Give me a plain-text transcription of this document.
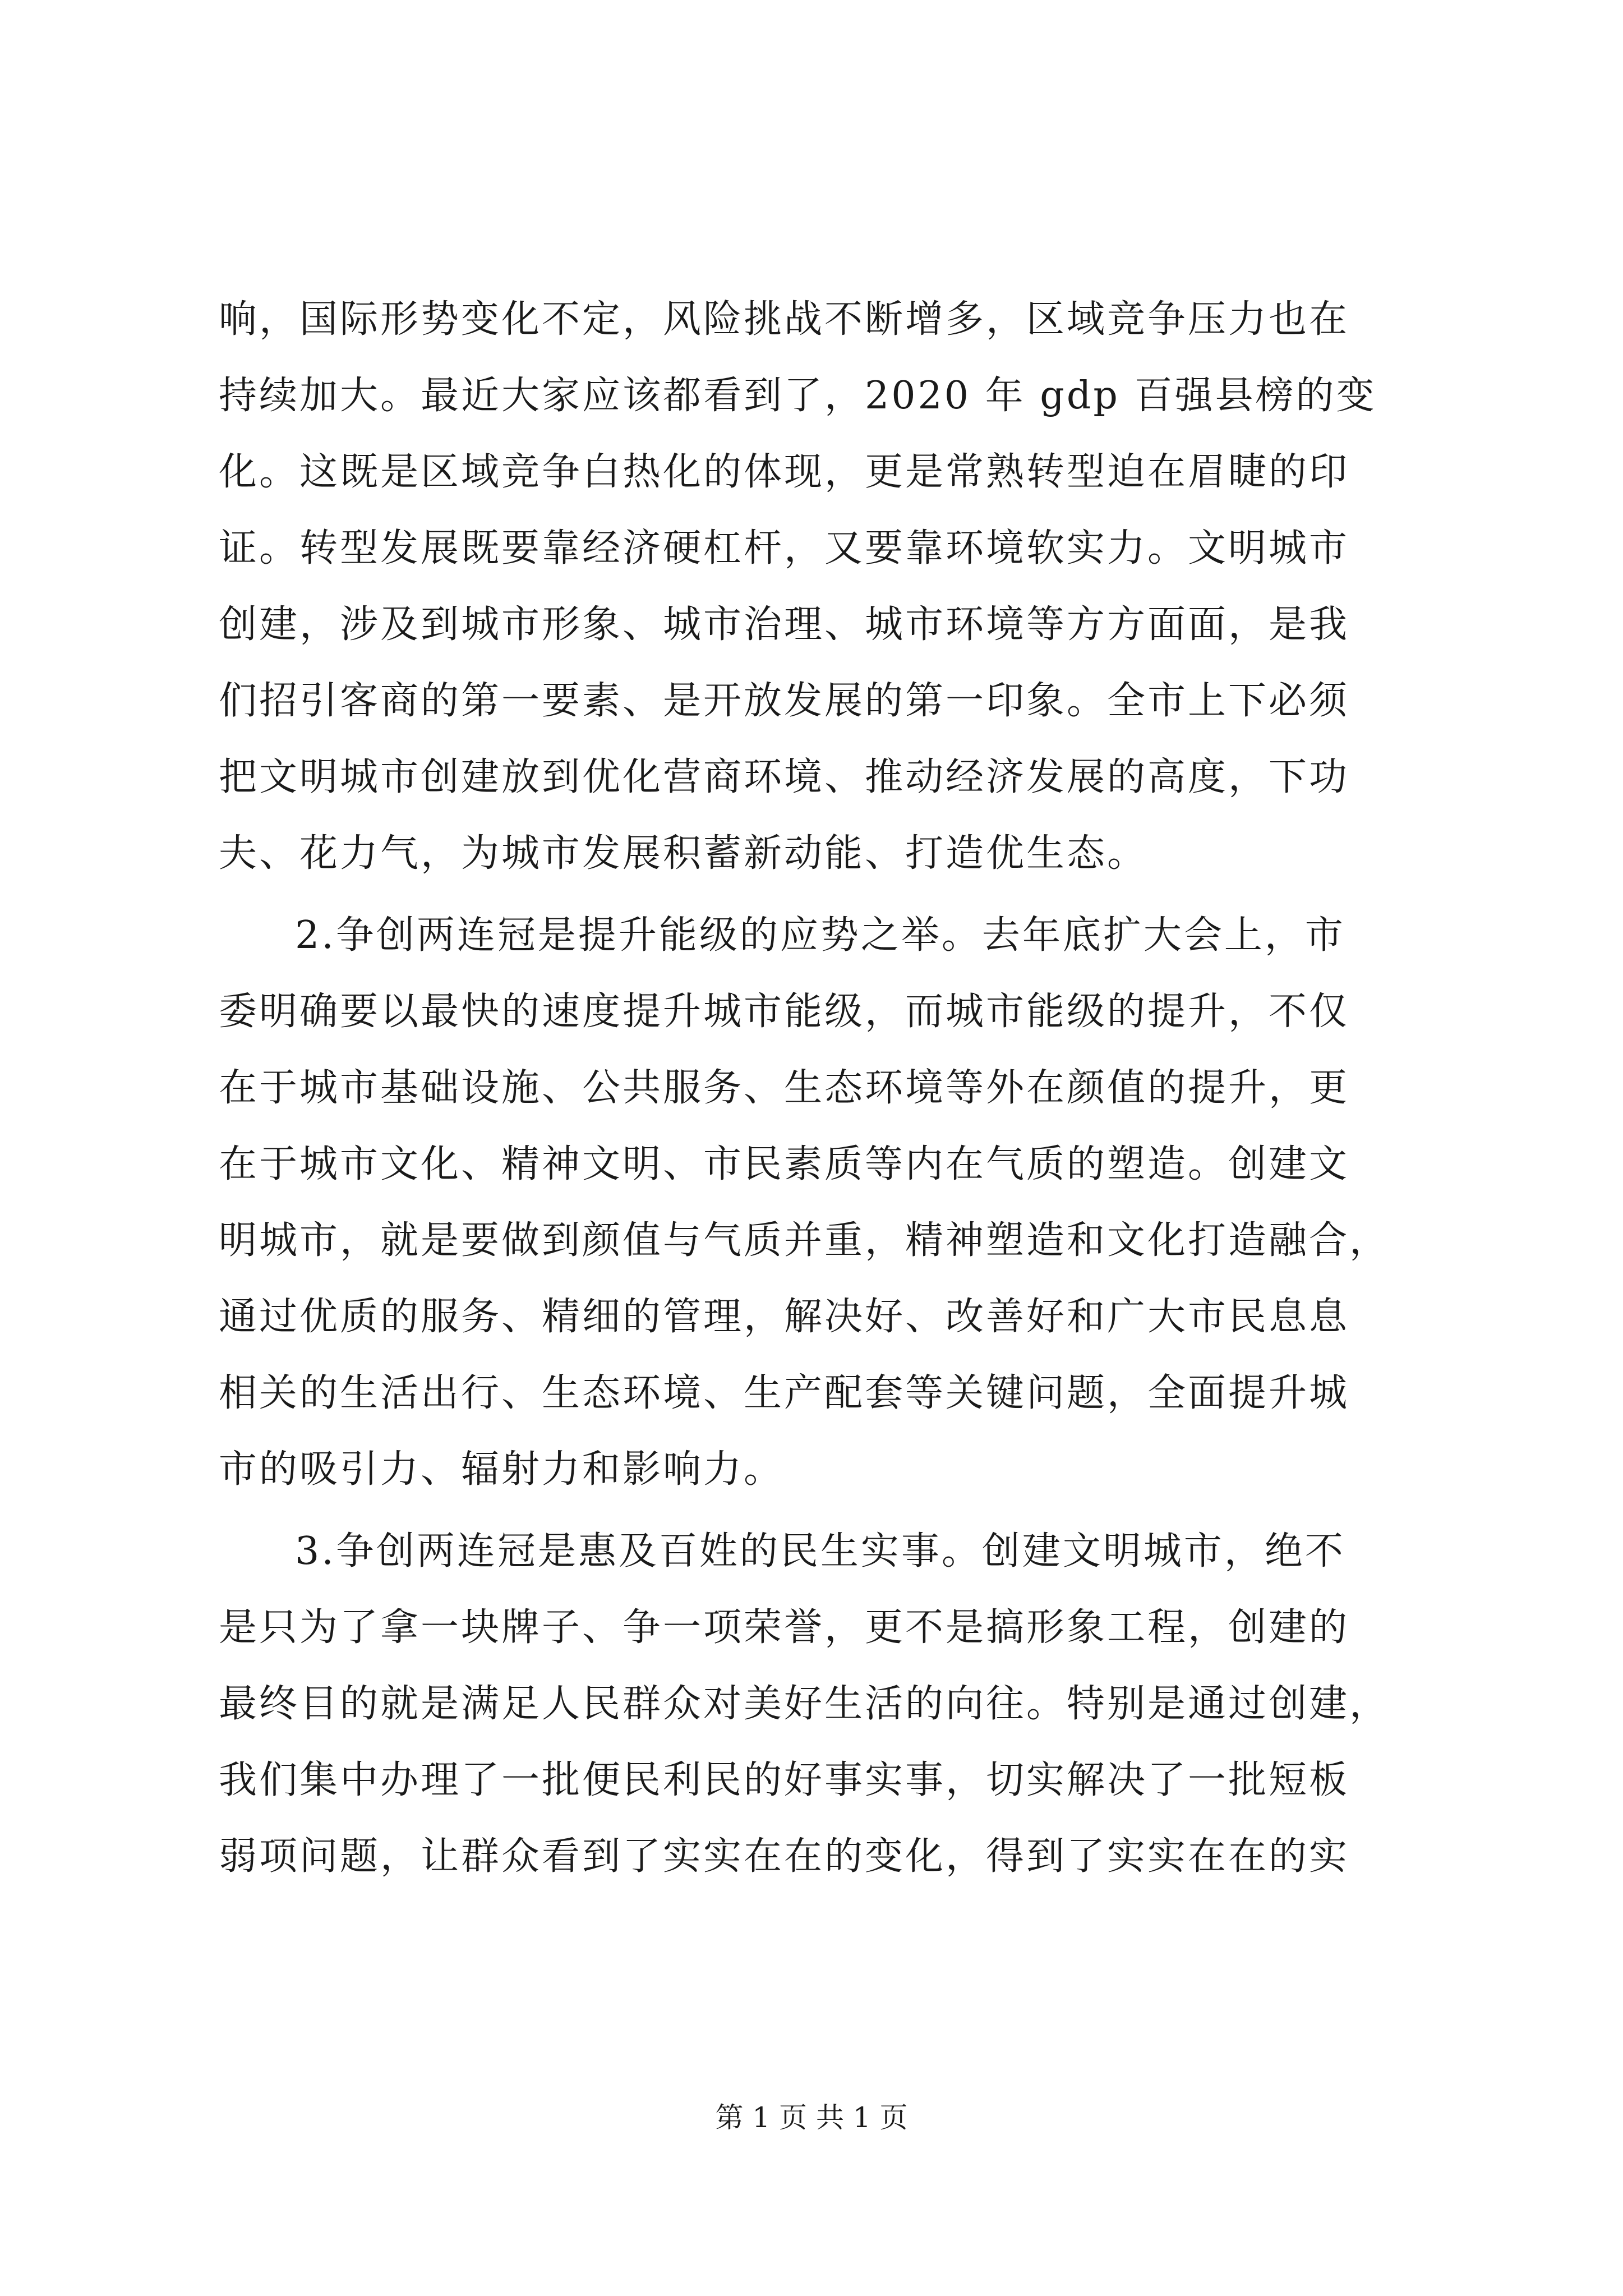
响，国际形势变化不定，风险挑战不断增多，区域竞争压力也在
持续加大。最近大家应该都看到了，2020 年 gdp 百强县榜的变
化。这既是区域竞争白热化的体现，更是常熟转型迫在眉睫的印
证。转型发展既要靠经济硬杠杆，又要靠环境软实力。文明城市
创建，涉及到城市形象、城市治理、城市环境等方方面面，是我
们招引客商的第一要素、是开放发展的第一印象。全市上下必须
把文明城市创建放到优化营商环境、推动经济发展的高度，下功
夫、花力气，为城市发展积蓄新动能、打造优生态。
2.争创两连冠是提升能级的应势之举。去年底扩大会上，市
委明确要以最快的速度提升城市能级，而城市能级的提升，不仅
在于城市基础设施、公共服务、生态环境等外在颜值的提升，更
在于城市文化、精神文明、市民素质等内在气质的塑造。创建文
明城市，就是要做到颜值与气质并重，精神塑造和文化打造融合，
通过优质的服务、精细的管理，解决好、改善好和广大市民息息
相关的生活出行、生态环境、生产配套等关键问题，全面提升城
市的吸引力、辐射力和影响力。
3.争创两连冠是惠及百姓的民生实事。创建文明城市，绝不
是只为了拿一块牌子、争一项荣誉，更不是搞形象工程，创建的
最终目的就是满足人民群众对美好生活的向往。特别是通过创建，
我们集中办理了一批便民利民的好事实事，切实解决了一批短板
弱项问题，让群众看到了实实在在的变化，得到了实实在在的实
第 1 页 共 1 页
